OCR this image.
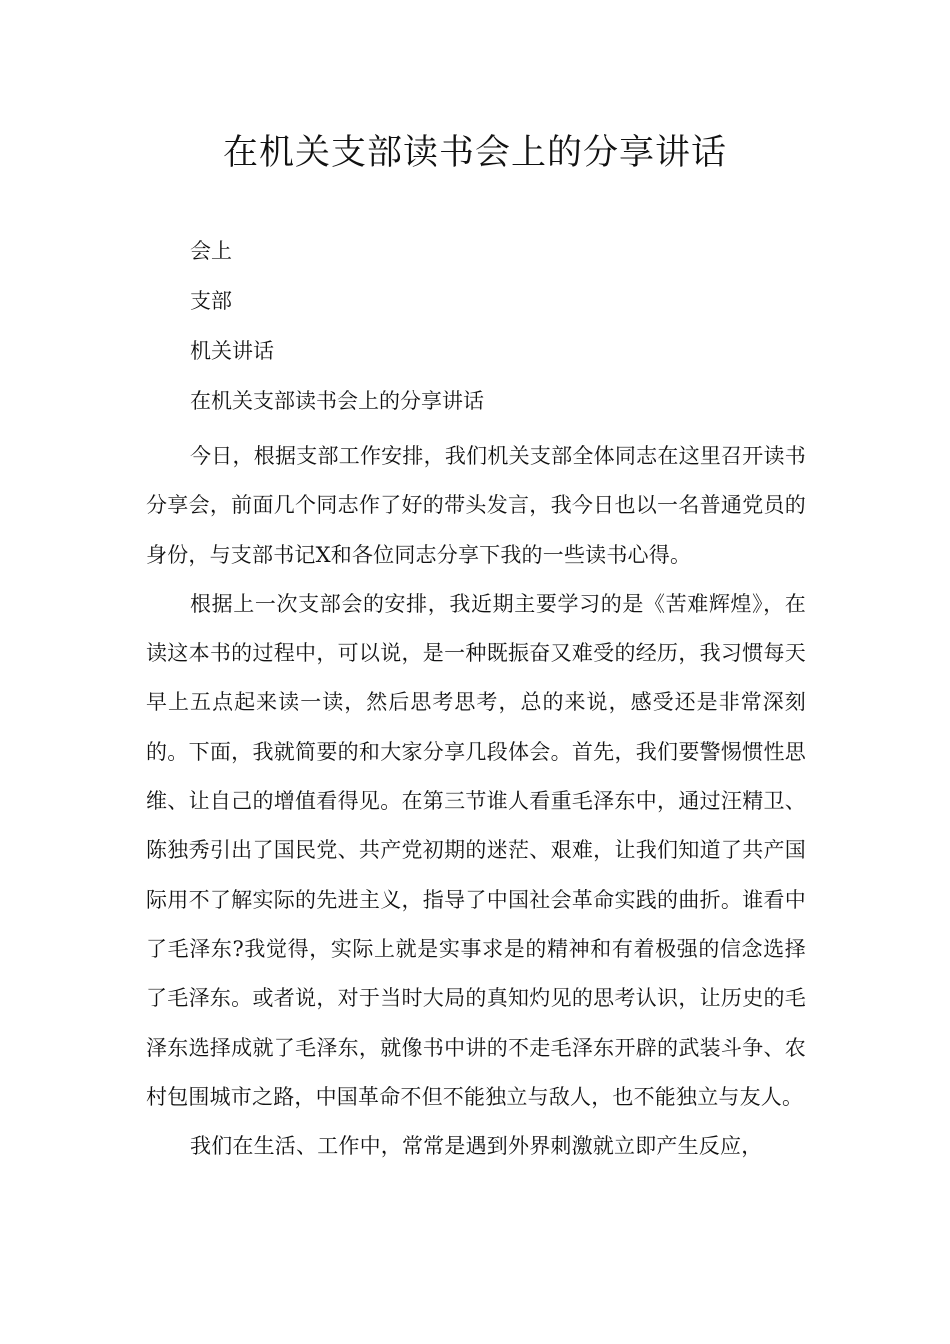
在机关支部读书会上的分享讲话

会上

支部

机关讲话

在机关支部读书会上的分享讲话

今日，根据支部工作安排，我们机关支部全体同志在这里召开读书分享会，前面几个同志作了好的带头发言，我今日也以一名普通党员的身份，与支部书记X和各位同志分享下我的一些读书心得。

根据上一次支部会的安排，我近期主要学习的是《苦难辉煌》，在读这本书的过程中，可以说，是一种既振奋又难受的经历，我习惯每天早上五点起来读一读，然后思考思考，总的来说，感受还是非常深刻的。下面，我就简要的和大家分享几段体会。首先，我们要警惕惯性思维、让自己的增值看得见。在第三节谁人看重毛泽东中，通过汪精卫、陈独秀引出了国民党、共产党初期的迷茫、艰难，让我们知道了共产国际用不了解实际的先进主义，指导了中国社会革命实践的曲折。谁看中了毛泽东?我觉得，实际上就是实事求是的精神和有着极强的信念选择了毛泽东。或者说，对于当时大局的真知灼见的思考认识，让历史的毛泽东选择成就了毛泽东，就像书中讲的不走毛泽东开辟的武装斗争、农村包围城市之路，中国革命不但不能独立与敌人，也不能独立与友人。

我们在生活、工作中，常常是遇到外界刺激就立即产生反应，
